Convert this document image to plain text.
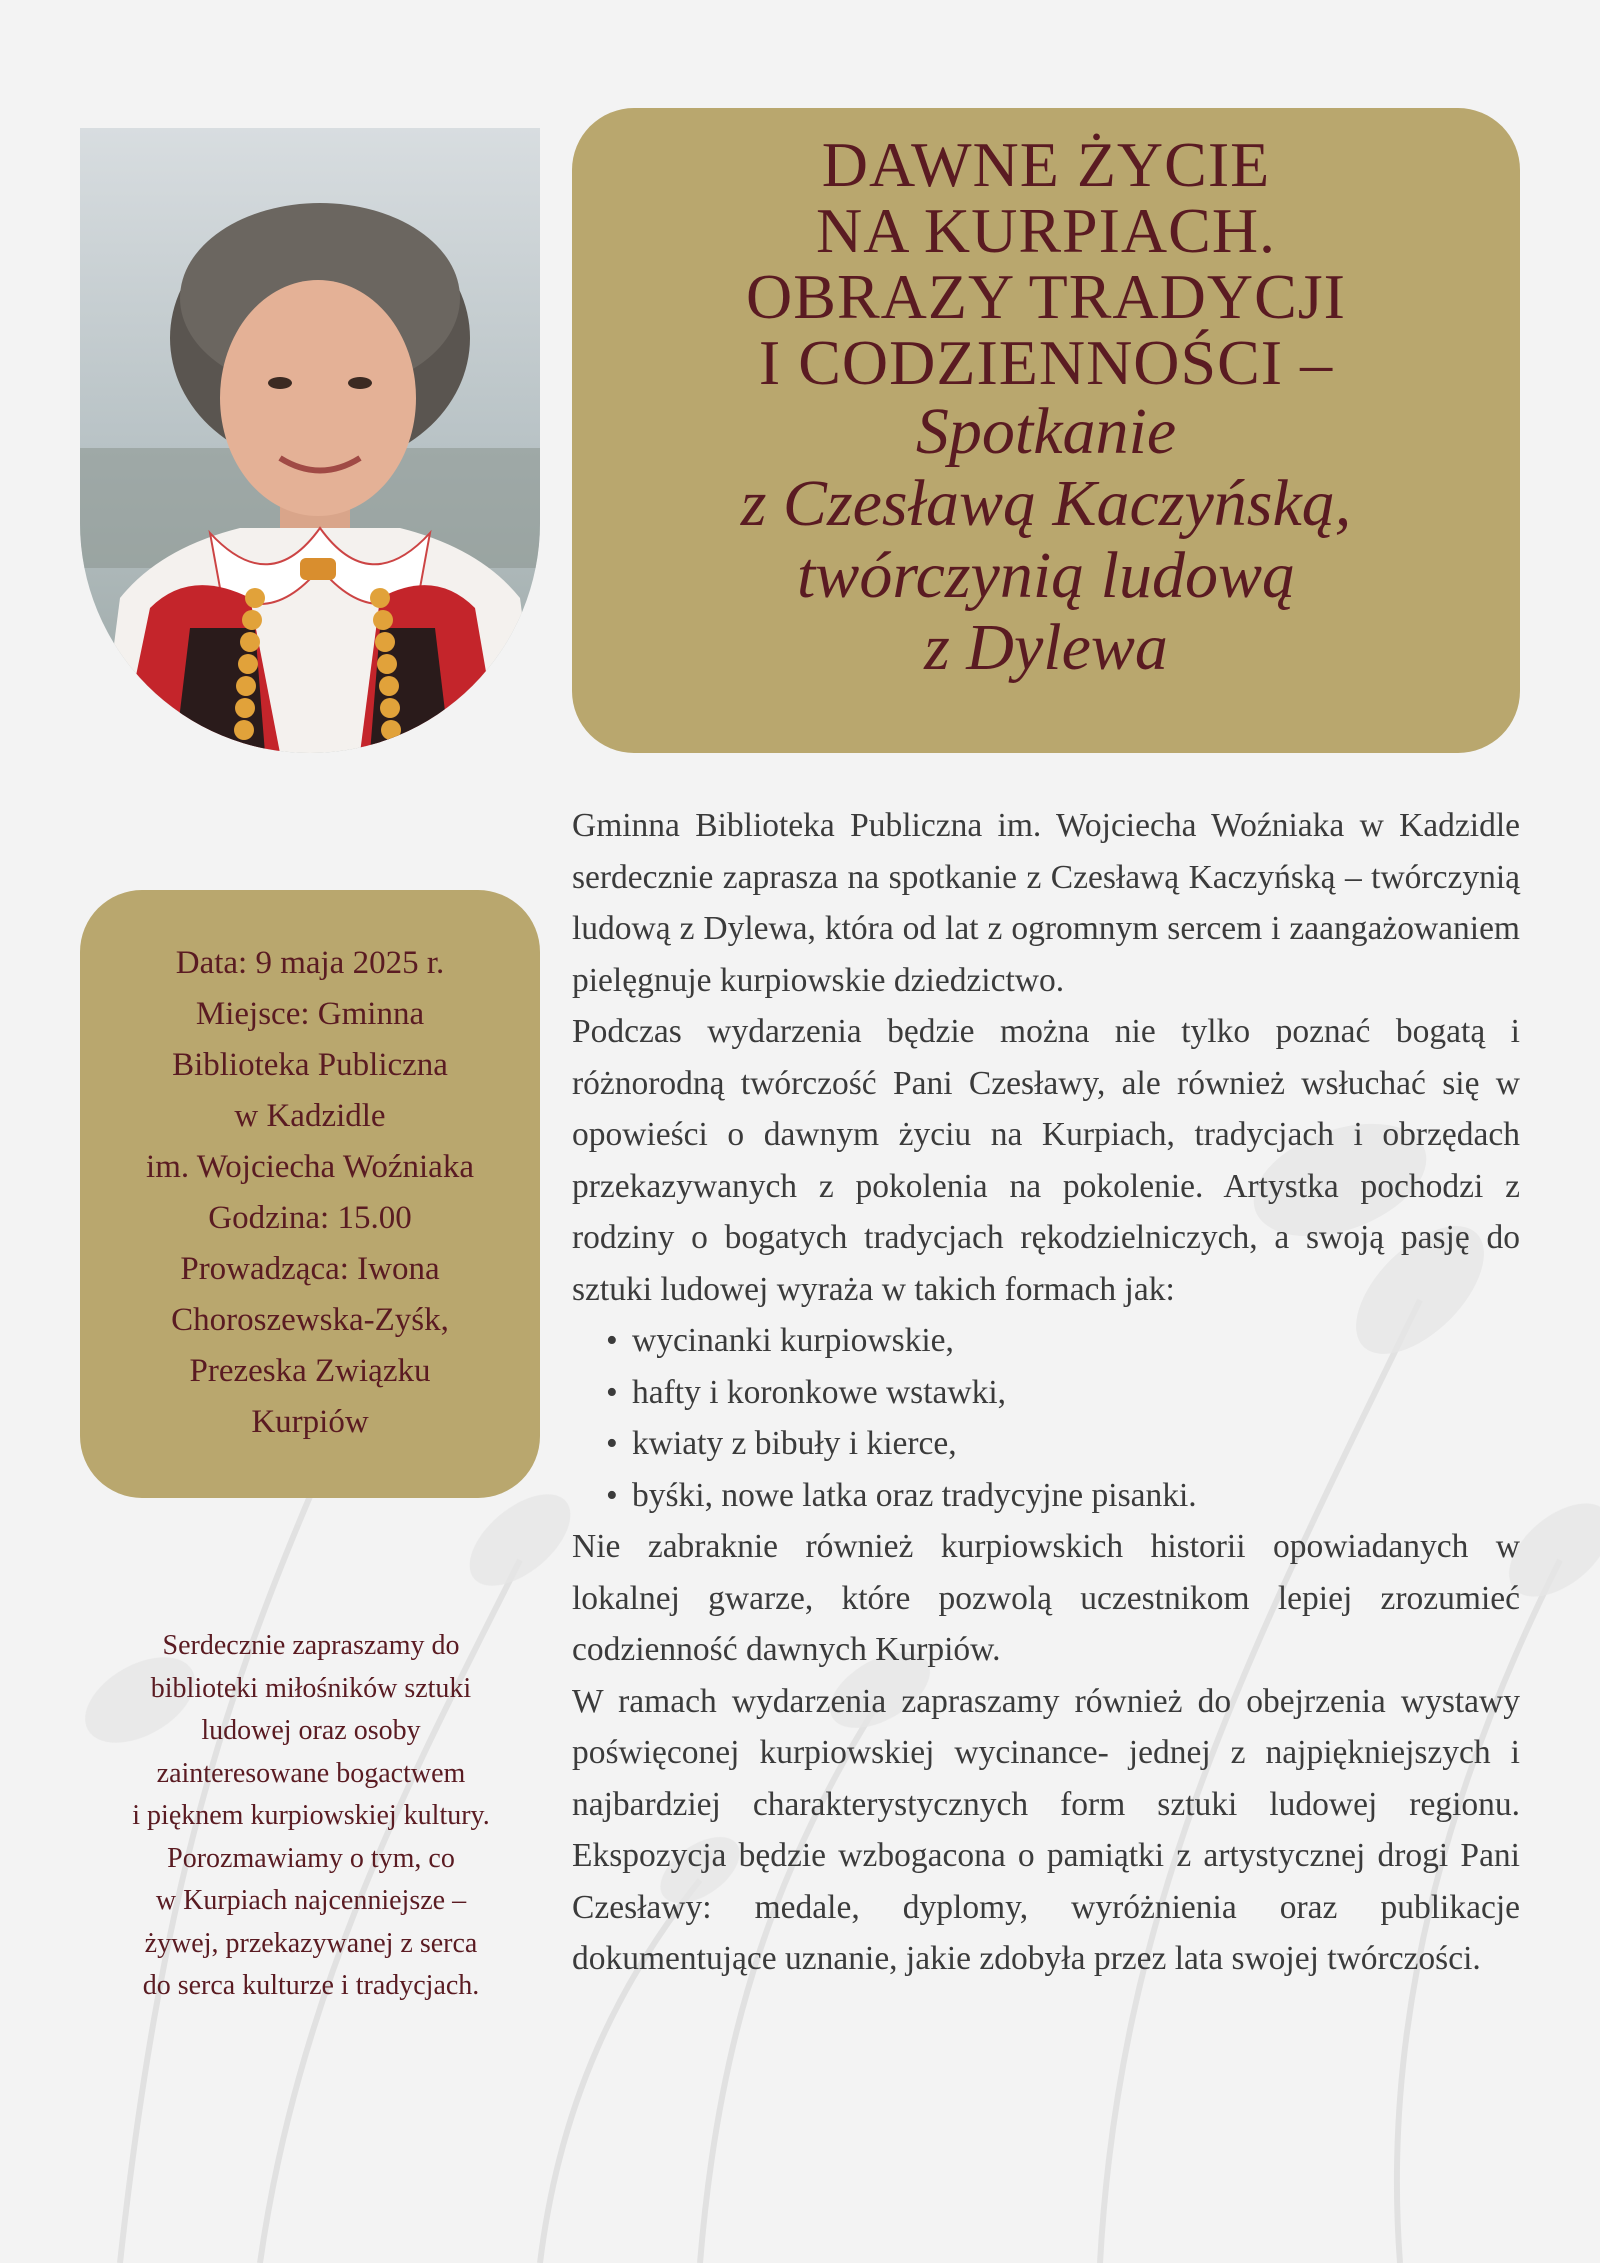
DAWNE ŻYCIE
NA KURPIACH.
OBRAZY TRADYCJI
I CODZIENNOŚCI –
Spotkanie
z Czesławą Kaczyńską,
twórczynią ludową
z Dylewa
Data: 9 maja 2025 r.
Miejsce: Gminna
Biblioteka Publiczna
w Kadzidle
im. Wojciecha Woźniaka
Godzina: 15.00
Prowadząca: Iwona
Choroszewska-Zyśk,
Prezeska Związku
Kurpiów
Serdecznie zapraszamy do
biblioteki miłośników sztuki
ludowej oraz osoby
zainteresowane bogactwem
i pięknem kurpiowskiej kultury.
Porozmawiamy o tym, co
w Kurpiach najcenniejsze –
żywej, przekazywanej z serca
do serca kulturze i tradycjach.

Gminna Biblioteka Publiczna im. Wojciecha Woźniaka w Kadzidle serdecznie zaprasza na spotkanie z Czesławą Kaczyńską – twórczynią ludową z Dylewa, która od lat z ogromnym sercem i zaangażowaniem pielęgnuje kurpiowskie dziedzictwo.

Podczas wydarzenia będzie można nie tylko poznać bogatą i różnorodną twórczość Pani Czesławy, ale również wsłuchać się w opowieści o dawnym życiu na Kurpiach, tradycjach i obrzędach przekazywanych z pokolenia na pokolenie. Artystka pochodzi z rodziny o bogatych tradycjach rękodzielniczych, a swoją pasję do sztuki ludowej wyraża w takich formach jak:

• wycinanki kurpiowskie,
• hafty i koronkowe wstawki,
• kwiaty z bibuły i kierce,
• byśki, nowe latka oraz tradycyjne pisanki.

Nie zabraknie również kurpiowskich historii opowiadanych w lokalnej gwarze, które pozwolą uczestnikom lepiej zrozumieć codzienność dawnych Kurpiów.

W ramach wydarzenia zapraszamy również do obejrzenia wystawy poświęconej kurpiowskiej wycinance- jednej z najpiękniejszych i najbardziej charakterystycznych form sztuki ludowej regionu. Ekspozycja będzie wzbogacona o pamiątki z artystycznej drogi Pani Czesławy: medale, dyplomy, wyróżnienia oraz publikacje dokumentujące uznanie, jakie zdobyła przez lata swojej twórczości.
